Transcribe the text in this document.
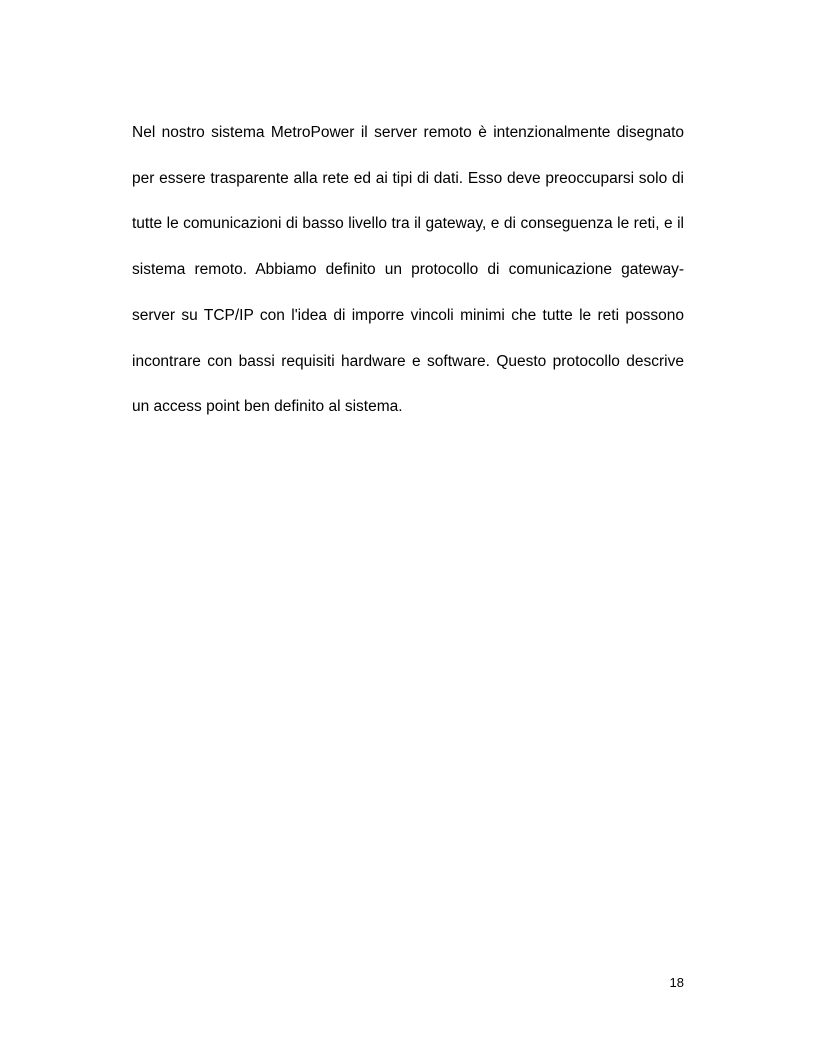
Nel nostro sistema MetroPower il server remoto è intenzionalmente disegnato per essere trasparente alla rete ed ai tipi di dati. Esso deve preoccuparsi solo di tutte le comunicazioni di basso livello tra il gateway, e di conseguenza le reti, e il sistema remoto. Abbiamo definito un protocollo di comunicazione gateway-server su TCP/IP con l'idea di imporre vincoli minimi che tutte le reti possono incontrare con bassi requisiti hardware e software. Questo protocollo descrive un access point ben definito al sistema.

18
